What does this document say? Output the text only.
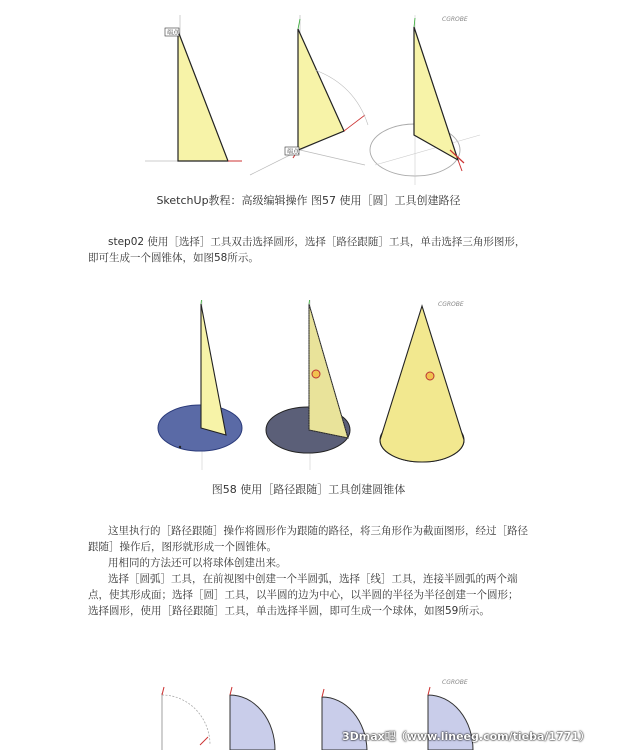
端点
端点
CGROBE
SketchUp教程：高级编辑操作 图57 使用［圆］工具创建路径

step02 使用［选择］工具双击选择圆形，选择［路径跟随］工具，单击选择三角形图形，即可生成一个圆锥体，如图58所示。

CGROBE
图58 使用［路径跟随］工具创建圆锥体

这里执行的［路径跟随］操作将圆形作为跟随的路径，将三角形作为截面图形，经过［路径跟随］操作后，图形就形成一个圆锥体。

用相同的方法还可以将球体创建出来。

选择［圆弧］工具，在前视图中创建一个半圆弧，选择［线］工具，连接半圆弧的两个端点，使其形成面；选择［圆］工具，以半圆的边为中心，以半圆的半径为半径创建一个圆形；选择圆形，使用［路径跟随］工具，单击选择半圆，即可生成一个球体，如图59所示。

CGROBE
3Dmax吧（www.lineeg.com/tieba/1771）
